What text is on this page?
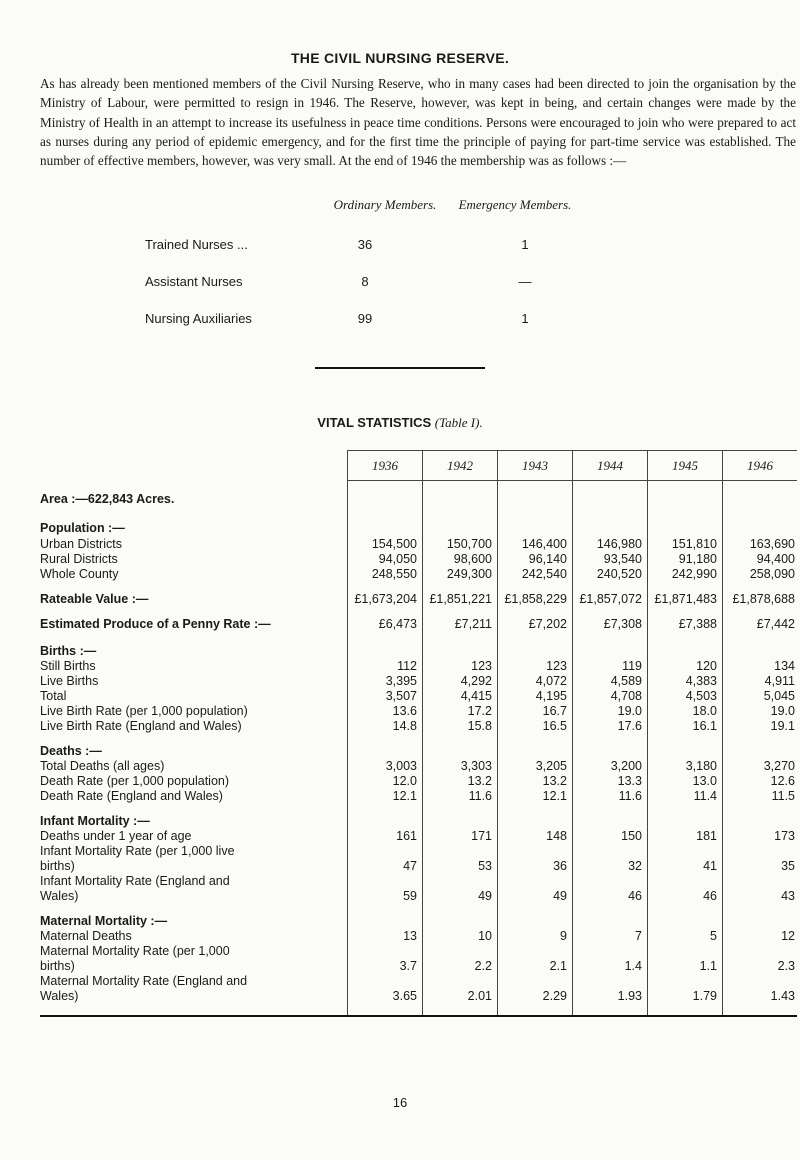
THE CIVIL NURSING RESERVE.

As has already been mentioned members of the Civil Nursing Reserve, who in many cases had been directed to join the organisation by the Ministry of Labour, were permitted to resign in 1946. The Reserve, however, was kept in being, and certain changes were made by the Ministry of Health in an attempt to increase its usefulness in peace time conditions. Persons were encouraged to join who were prepared to act as nurses during any period of epidemic emergency, and for the first time the principle of paying for part-time service was established. The number of effective members, however, was very small. At the end of 1946 the membership was as follows :—

Ordinary Members. Emergency Members.
Trained Nurses ...	36	1
Assistant Nurses	8	—
Nursing Auxiliaries	99	1
VITAL STATISTICS (Table I).
1936	1942	1943	1944	1945	1946
Area :—622,843 Acres.
Population :—
Urban Districts	154,500	150,700	146,400	146,980	151,810	163,690
Rural Districts	94,050	98,600	96,140	93,540	91,180	94,400
Whole County	248,550	249,300	242,540	240,520	242,990	258,090
Rateable Value :—	£1,673,204 £1,851,221 £1,858,229 £1,857,072 £1,871,483	£1,878,688
Estimated Produce of a Penny Rate :—	£6,473	£7,211	£7,202	£7,308	£7,388	£7,442
Births :—
Still Births	112	123	123	119	120	134
Live Births	3,395	4,292	4,072	4,589	4,383	4,911
Total	3,507	4,415	4,195	4,708	4,503	5,045
Live Birth Rate (per 1,000 population)	13.6	17.2	16.7	19.0	18.0	19.0
Live Birth Rate (England and Wales)	14.8	15.8	16.5	17.6	16.1	19.1
Deaths :—
Total Deaths (all ages)	3,003	3,303	3,205	3,200	3,180	3,270
Death Rate (per 1,000 population)	12.0	13.2	13.2	13.3	13.0	12.6
Death Rate (England and Wales)	12.1	11.6	12.1	11.6	11.4	11.5
Infant Mortality :—
Deaths under 1 year of age	161	171	148	150	181	173
Infant Mortality Rate (per 1,000 live
births)	47	53	36	32	41	35
Infant Mortality Rate (England and
Wales)	59	49	49	46	46	43
Maternal Mortality :—
Maternal Deaths	13	10	9	7	5	12
Maternal Mortality Rate (per 1,000
births)	3.7	2.2	2.1	1.4	1.1	2.3
Maternal Mortality Rate (England and
Wales)	3.65	2.01	2.29	1.93	1.79	1.43
16
